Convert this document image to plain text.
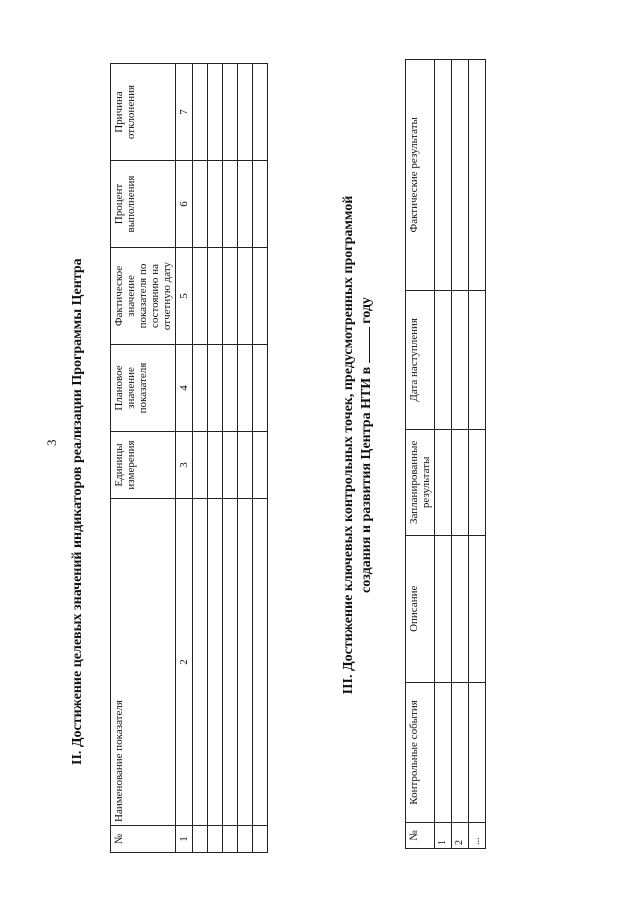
3 II. Достижение целевых значений индикаторов реализации Программы Центра
№	Наименование показателя	Единицы измерения	Плановое значение показателя	Фактическое значение показателя по состоянию на отчетную дату	Процент выполнения	Причина отклонения
1	2	3	4	5	6	7

III. Достижение ключевых контрольных точек, предусмотренных программой создания и развития Центра НТИ в  году
№	Контрольные события	Описание	Запланированные результаты	Дата наступления	Фактические результаты
1					
2					
...					
